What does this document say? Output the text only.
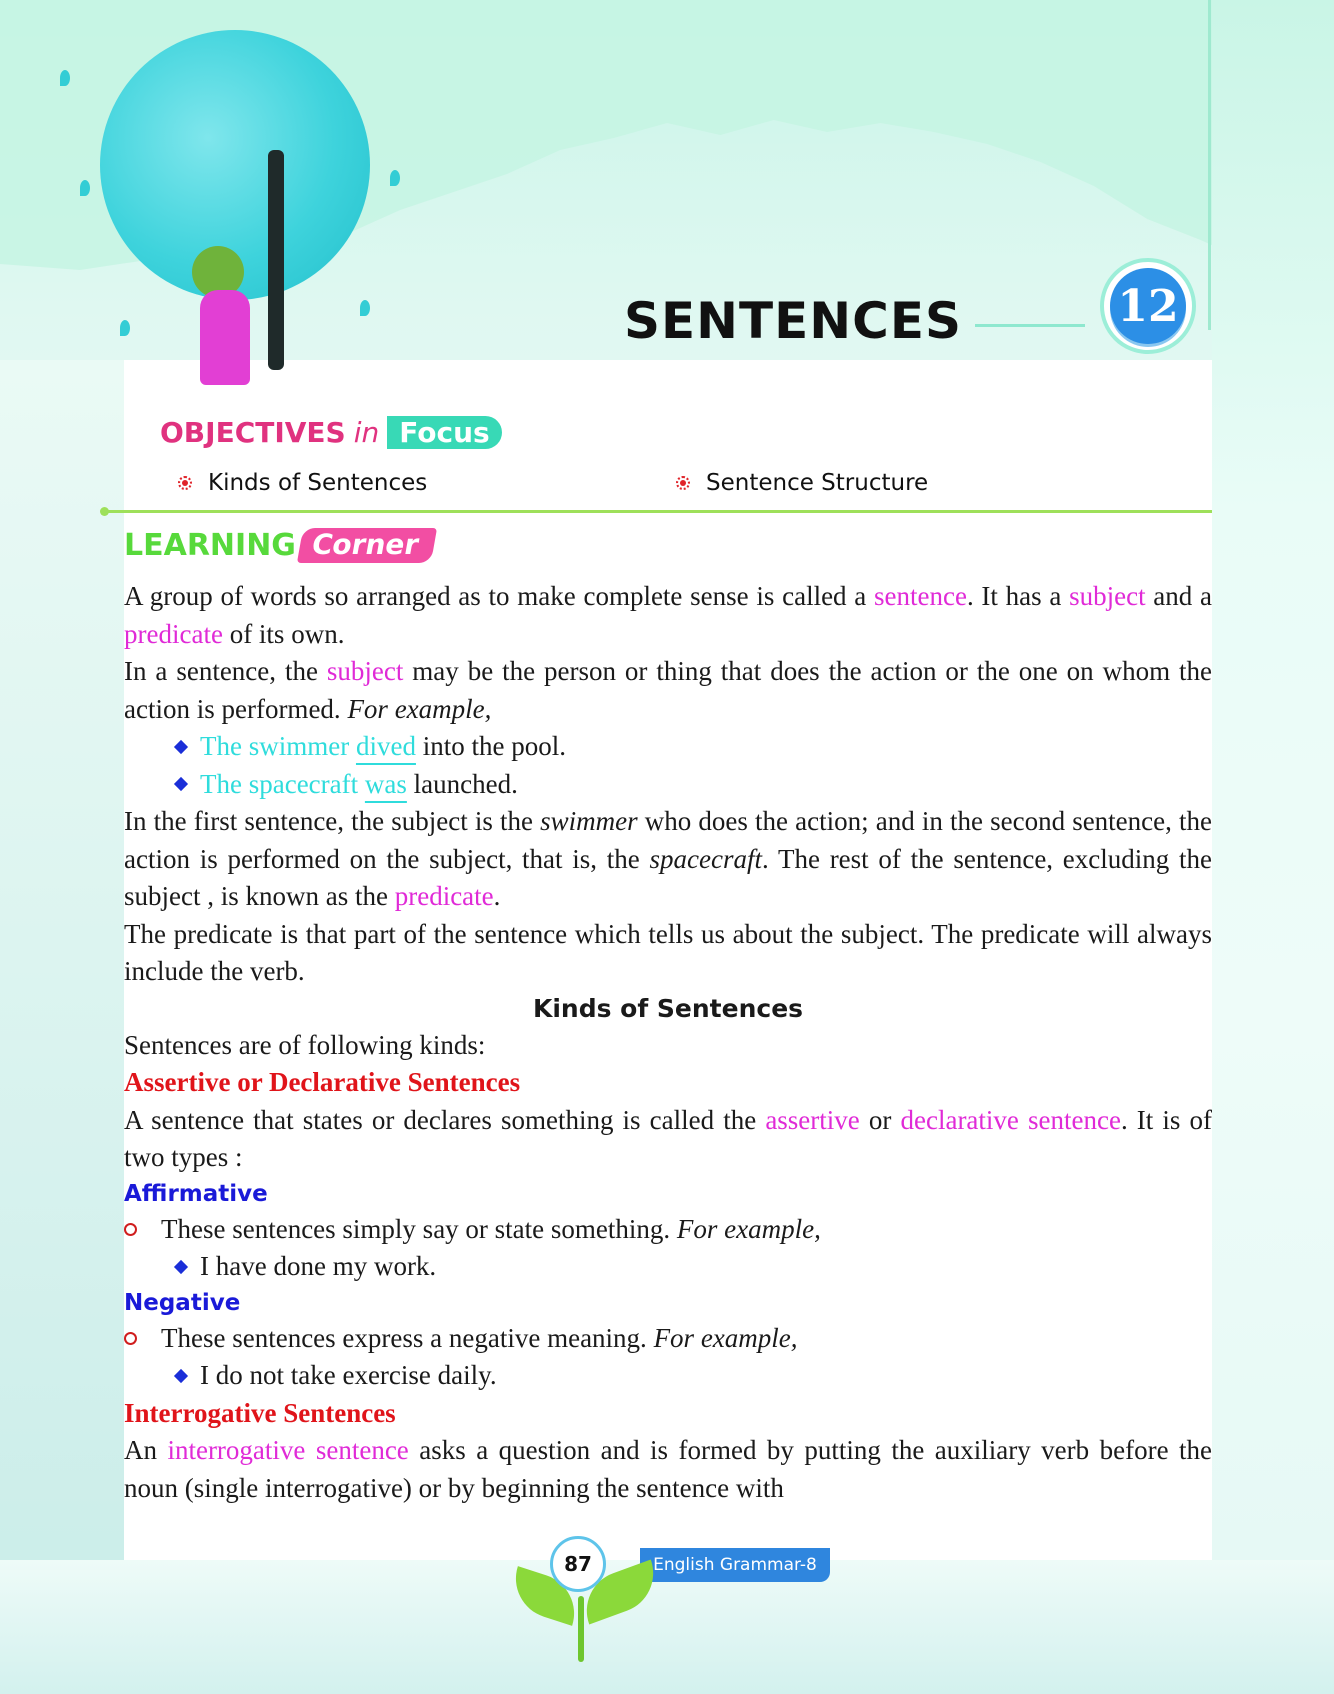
SENTENCES	12
OBJECTIVES in Focus
Kinds of Sentences	Sentence Structure
LEARNING Corner

A group of words so arranged as to make complete sense is called a sentence. It has a subject and a predicate of its own.

In a sentence, the subject may be the person or thing that does the action or the one on whom the action is performed. For example,

The swimmer dived into the pool.
The spacecraft was launched.

In the first sentence, the subject is the swimmer who does the action; and in the second sentence, the action is performed on the subject, that is, the spacecraft. The rest of the sentence, excluding the subject , is known as the predicate.

The predicate is that part of the sentence which tells us about the subject. The predicate will always include the verb.

Kinds of Sentences

Sentences are of following kinds:

Assertive or Declarative Sentences

A sentence that states or declares something is called the assertive or declarative sentence. It is of two types :

Affirmative
These sentences simply say or state something. For example,
I have done my work.
Negative
These sentences express a negative meaning. For example,
I do not take exercise daily.
Interrogative Sentences

An interrogative sentence asks a question and is formed by putting the auxiliary verb before the noun (single interrogative) or by beginning the sentence with

English Grammar-8
87
